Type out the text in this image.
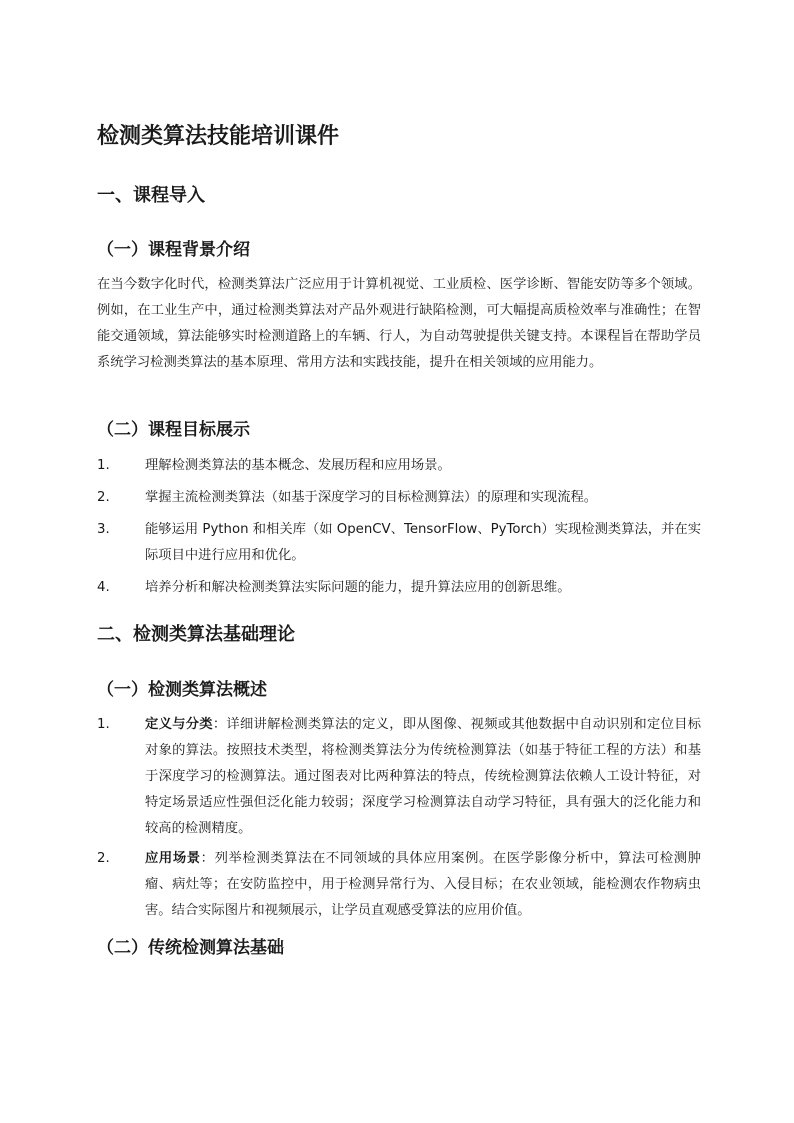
检测类算法技能培训课件
一、课程导入
（一）课程背景介绍

在当今数字化时代，检测类算法广泛应用于计算机视觉、工业质检、医学诊断、智能安防等多个领域。例如，在工业生产中，通过检测类算法对产品外观进行缺陷检测，可大幅提高质检效率与准确性；在智能交通领域，算法能够实时检测道路上的车辆、行人，为自动驾驶提供关键支持。本课程旨在帮助学员系统学习检测类算法的基本原理、常用方法和实践技能，提升在相关领域的应用能力。

（二）课程目标展示
1.	理解检测类算法的基本概念、发展历程和应用场景。
2.	掌握主流检测类算法（如基于深度学习的目标检测算法）的原理和实现流程。
3.	能够运用 Python 和相关库（如 OpenCV、TensorFlow、PyTorch）实现检测类算法，并在实际项目中进行应用和优化。
4.	培养分析和解决检测类算法实际问题的能力，提升算法应用的创新思维。
二、检测类算法基础理论
（一）检测类算法概述
1.	定义与分类：详细讲解检测类算法的定义，即从图像、视频或其他数据中自动识别和定位目标对象的算法。按照技术类型，将检测类算法分为传统检测算法（如基于特征工程的方法）和基于深度学习的检测算法。通过图表对比两种算法的特点，传统检测算法依赖人工设计特征，对特定场景适应性强但泛化能力较弱；深度学习检测算法自动学习特征，具有强大的泛化能力和较高的检测精度。
2.	应用场景：列举检测类算法在不同领域的具体应用案例。在医学影像分析中，算法可检测肿瘤、病灶等；在安防监控中，用于检测异常行为、入侵目标；在农业领域，能检测农作物病虫害。结合实际图片和视频展示，让学员直观感受算法的应用价值。
（二）传统检测算法基础
